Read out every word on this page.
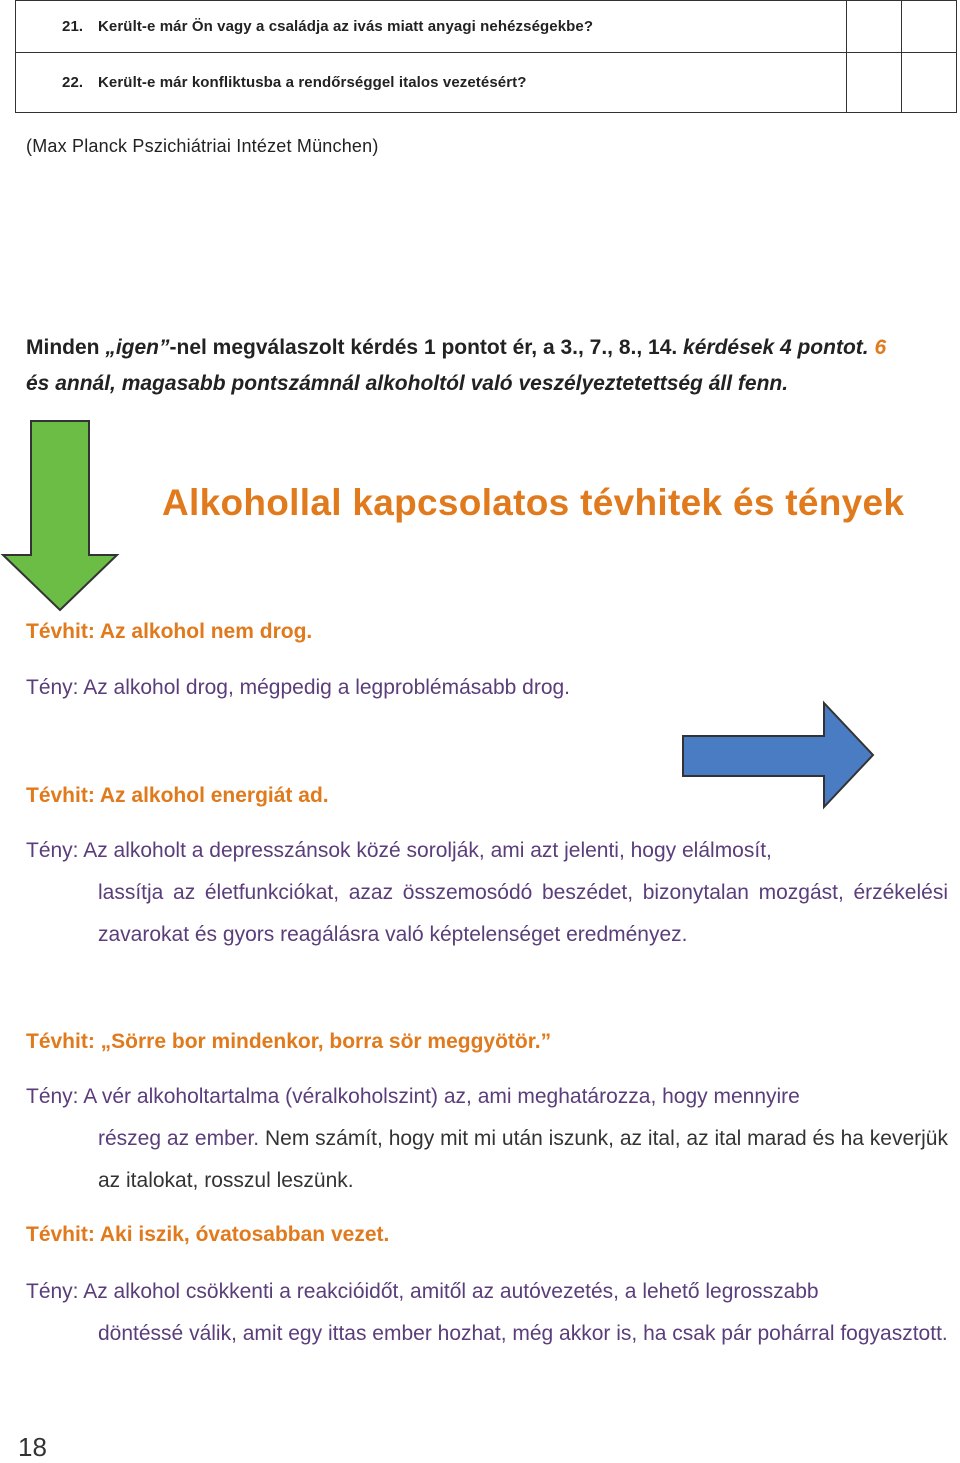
21. Került-e már Ön vagy a családja az ivás miatt anyagi nehézségekbe?		
22. Került-e már konfliktusba a rendőrséggel italos vezetésért?		

(Max Planck Pszichiátriai Intézet München)
Minden „igen”-nel megválaszolt kérdés 1 pontot ér, a 3., 7., 8., 14. kérdések 4 pontot. 6
és annál, magasabb pontszámnál alkoholtól való veszélyeztetettség áll fenn.
Alkohollal kapcsolatos tévhitek és tények
Tévhit: Az alkohol nem drog.
Tény: Az alkohol drog, mégpedig a legproblémásabb drog.
Tévhit: Az alkohol energiát ad.
Tény: Az alkoholt a depresszánsok közé sorolják, ami azt jelenti, hogy elálmosít,
lassítja az életfunkciókat, azaz összemosódó beszédet, bizonytalan mozgást, érzékelési zavarokat és gyors reagálásra való képtelenséget eredményez.
Tévhit: „Sörre bor mindenkor, borra sör meggyötör.”
Tény: A vér alkoholtartalma (véralkoholszint) az, ami meghatározza, hogy mennyire
részeg az ember. Nem számít, hogy mit mi után iszunk, az ital, az ital marad és ha keverjük az italokat, rosszul leszünk.
Tévhit: Aki iszik, óvatosabban vezet.
Tény: Az alkohol csökkenti a reakcióidőt, amitől az autóvezetés, a lehető legrosszabb
döntéssé válik, amit egy ittas ember hozhat, még akkor is, ha csak pár pohárral fogyasztott.
18
